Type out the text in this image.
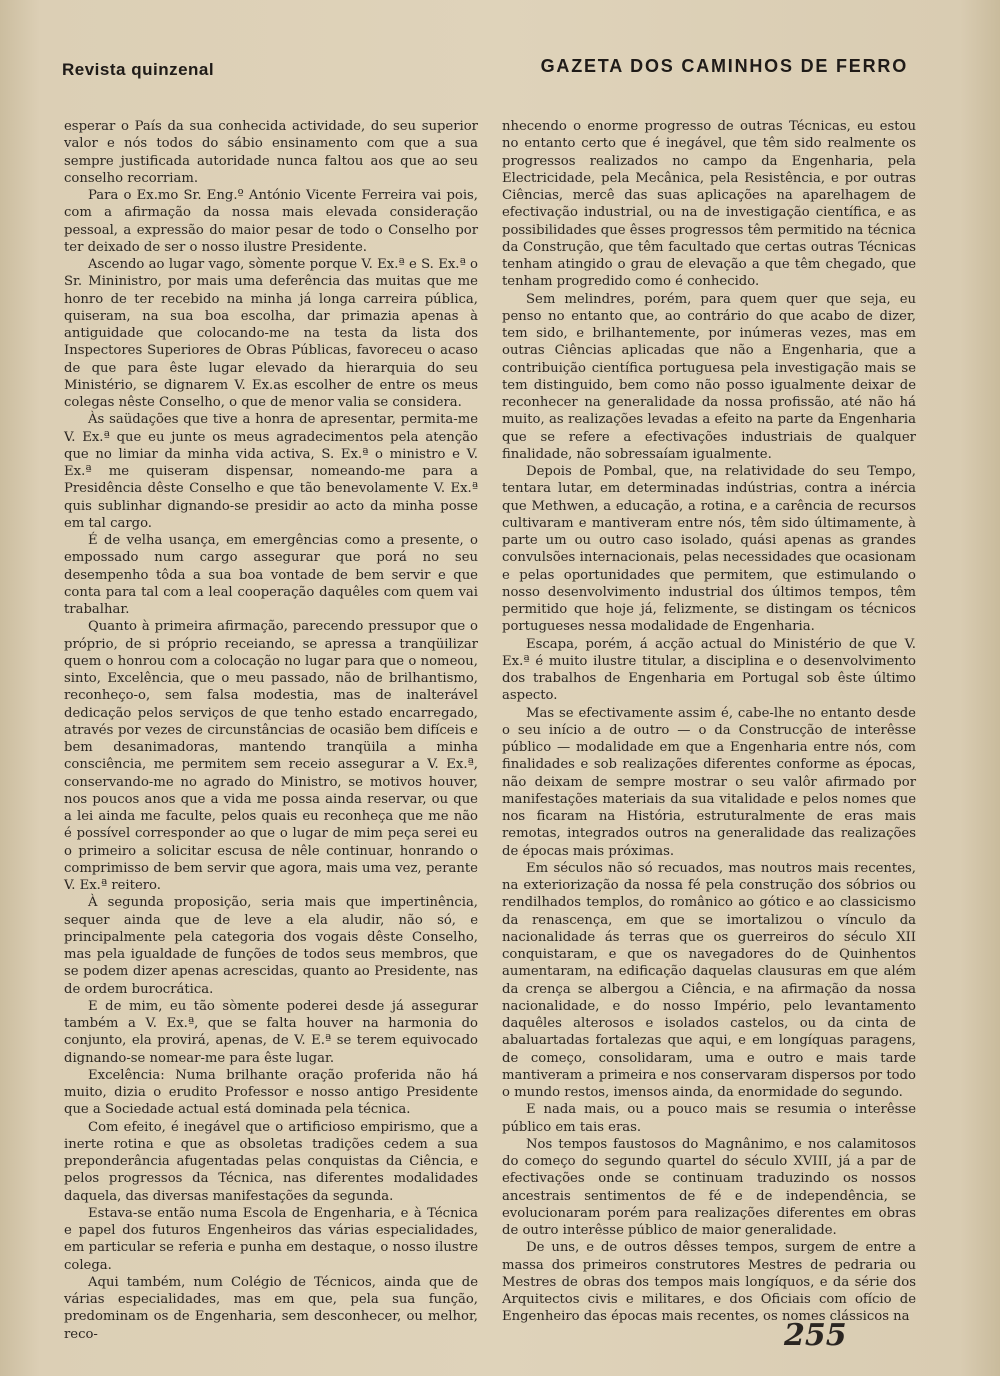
Revista quinzenal	GAZETA DOS CAMINHOS DE FERRO

esperar o País da sua conhecida actividade, do seu superior valor e nós todos do sábio ensinamento com que a sua sempre justificada autoridade nunca faltou aos que ao seu conselho recorriam.

Para o Ex.mo Sr. Eng.º António Vicente Ferreira vai pois, com a afirmação da nossa mais elevada consideração pessoal, a expressão do maior pesar de todo o Conselho por ter deixado de ser o nosso ilustre Presidente.

Ascendo ao lugar vago, sòmente porque V. Ex.ª e S. Ex.ª o Sr. Mininistro, por mais uma deferência das muitas que me honro de ter recebido na minha já longa carreira pública, quiseram, na sua boa escolha, dar primazia apenas à antiguidade que colocando-me na testa da lista dos Inspectores Superiores de Obras Públicas, favoreceu o acaso de que para êste lugar elevado da hierarquia do seu Ministério, se dignarem V. Ex.as escolher de entre os meus colegas nêste Conselho, o que de menor valia se considera.

Às saüdações que tive a honra de apresentar, permita-me V. Ex.ª que eu junte os meus agradecimentos pela atenção que no limiar da minha vida activa, S. Ex.ª o ministro e V. Ex.ª me quiseram dispensar, nomeando-me para a Presidência dêste Conselho e que tão benevolamente V. Ex.ª quis sublinhar dignando-se presidir ao acto da minha posse em tal cargo.

É de velha usança, em emergências como a presente, o empossado num cargo assegurar que porá no seu desempenho tôda a sua boa vontade de bem servir e que conta para tal com a leal cooperação daquêles com quem vai trabalhar.

Quanto à primeira afirmação, parecendo pressupor que o próprio, de si próprio receiando, se apressa a tranqüilizar quem o honrou com a colocação no lugar para que o nomeou, sinto, Excelência, que o meu passado, não de brilhantismo, reconheço-o, sem falsa modestia, mas de inalterável dedicação pelos serviços de que tenho estado encarregado, através por vezes de circunstâncias de ocasião bem difíceis e bem desanimadoras, mantendo tranqüila a minha consciência, me permitem sem receio assegurar a V. Ex.ª, conservando-me no agrado do Ministro, se motivos houver, nos poucos anos que a vida me possa ainda reservar, ou que a lei ainda me faculte, pelos quais eu reconheça que me não é possível corresponder ao que o lugar de mim peça serei eu o primeiro a solicitar escusa de nêle continuar, honrando o comprimisso de bem servir que agora, mais uma vez, perante V. Ex.ª reitero.

À segunda proposição, seria mais que impertinência, sequer ainda que de leve a ela aludir, não só, e principalmente pela categoria dos vogais dêste Conselho, mas pela igualdade de funções de todos seus membros, que se podem dizer apenas acrescidas, quanto ao Presidente, nas de ordem burocrática.

E de mim, eu tão sòmente poderei desde já assegurar também a V. Ex.ª, que se falta houver na harmonia do conjunto, ela provirá, apenas, de V. E.ª se terem equivocado dignando-se nomear-me para êste lugar.

Excelência: Numa brilhante oração proferida não há muito, dizia o erudito Professor e nosso antigo Presidente que a Sociedade actual está dominada pela técnica.

Com efeito, é inegável que o artificioso empirismo, que a inerte rotina e que as obsoletas tradições cedem a sua preponderância afugentadas pelas conquistas da Ciência, e pelos progressos da Técnica, nas diferentes modalidades daquela, das diversas manifestações da segunda.

Estava-se então numa Escola de Engenharia, e à Técnica e papel dos futuros Engenheiros das várias especialidades, em particular se referia e punha em destaque, o nosso ilustre colega.

Aqui também, num Colégio de Técnicos, ainda que de várias especialidades, mas em que, pela sua função, predominam os de Engenharia, sem desconhecer, ou melhor, reco-

nhecendo o enorme progresso de outras Técnicas, eu estou no entanto certo que é inegável, que têm sido realmente os progressos realizados no campo da Engenharia, pela Electricidade, pela Mecânica, pela Resistência, e por outras Ciências, mercê das suas aplicações na aparelhagem de efectivação industrial, ou na de investigação científica, e as possibilidades que êsses progressos têm permitido na técnica da Construção, que têm facultado que certas outras Técnicas tenham atingido o grau de elevação a que têm chegado, que tenham progredido como é conhecido.

Sem melindres, porém, para quem quer que seja, eu penso no entanto que, ao contrário do que acabo de dizer, tem sido, e brilhantemente, por inúmeras vezes, mas em outras Ciências aplicadas que não a Engenharia, que a contribuição científica portuguesa pela investigação mais se tem distinguido, bem como não posso igualmente deixar de reconhecer na generalidade da nossa profissão, até não há muito, as realizações levadas a efeito na parte da Engenharia que se refere a efectivações industriais de qualquer finalidade, não sobressaíam igualmente.

Depois de Pombal, que, na relatividade do seu Tempo, tentara lutar, em determinadas indústrias, contra a inércia que Methwen, a educação, a rotina, e a carência de recursos cultivaram e mantiveram entre nós, têm sido últimamente, à parte um ou outro caso isolado, quási apenas as grandes convulsões internacionais, pelas necessidades que ocasionam e pelas oportunidades que permitem, que estimulando o nosso desenvolvimento industrial dos últimos tempos, têm permitido que hoje já, felizmente, se distingam os técnicos portugueses nessa modalidade de Engenharia.

Escapa, porém, á acção actual do Ministério de que V. Ex.ª é muito ilustre titular, a disciplina e o desenvolvimento dos trabalhos de Engenharia em Portugal sob êste último aspecto.

Mas se efectivamente assim é, cabe-lhe no entanto desde o seu início a de outro — o da Construcção de interêsse público — modalidade em que a Engenharia entre nós, com finalidades e sob realizações diferentes conforme as épocas, não deixam de sempre mostrar o seu valôr afirmado por manifestações materiais da sua vitalidade e pelos nomes que nos ficaram na História, estruturalmente de eras mais remotas, integrados outros na generalidade das realizações de épocas mais próximas.

Em séculos não só recuados, mas noutros mais recentes, na exteriorização da nossa fé pela construção dos sóbrios ou rendilhados templos, do românico ao gótico e ao classicismo da renascença, em que se imortalizou o vínculo da nacionalidade ás terras que os guerreiros do século XII conquistaram, e que os navegadores do de Quinhentos aumentaram, na edificação daquelas clausuras em que além da crença se albergou a Ciência, e na afirmação da nossa nacionalidade, e do nosso Império, pelo levantamento daquêles alterosos e isolados castelos, ou da cinta de abaluartadas fortalezas que aqui, e em longíquas paragens, de começo, consolidaram, uma e outro e mais tarde mantiveram a primeira e nos conservaram dispersos por todo o mundo restos, imensos ainda, da enormidade do segundo.

E nada mais, ou a pouco mais se resumia o interêsse público em tais eras.

Nos tempos faustosos do Magnânimo, e nos calamitosos do começo do segundo quartel do século XVIII, já a par de efectivações onde se continuam traduzindo os nossos ancestrais sentimentos de fé e de independência, se evolucionaram porém para realizações diferentes em obras de outro interêsse público de maior generalidade.

De uns, e de outros dêsses tempos, surgem de entre a massa dos primeiros construtores Mestres de pedraria ou Mestres de obras dos tempos mais longíquos, e da série dos Arquitectos civis e militares, e dos Oficiais com ofício de Engenheiro das épocas mais recentes, os nomes clássicos na

255
